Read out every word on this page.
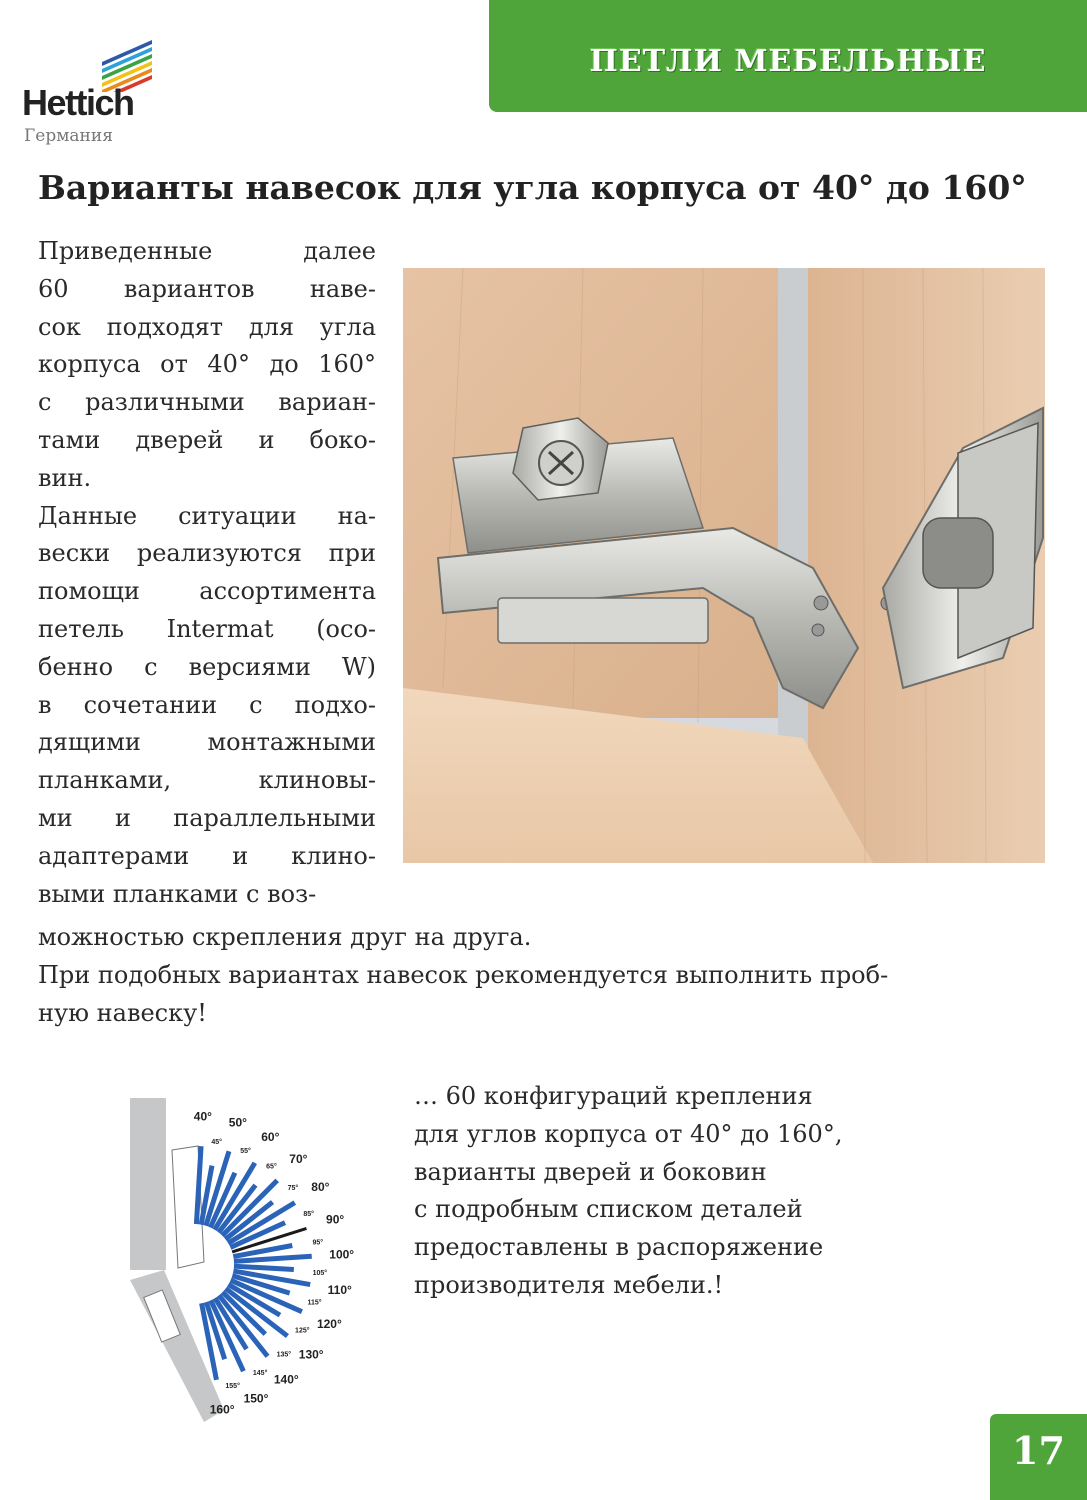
Hettich
Германия
ПЕТЛИ МЕБЕЛЬНЫЕ
Варианты навесок для угла корпуса от 40° до 160°
Приведенные далее
60 вариантов наве-
сок подходят для угла
корпуса от 40° до 160°
с различными вариан-
тами дверей и боко-
вин.
Данные ситуации на-
вески реализуются при
помощи ассортимента
петель Intermat (осо-
бенно с версиями W)
в сочетании с подхо-
дящими монтажными
планками, клиновы-
ми и параллельными
адаптерами и клино-
выми планками с воз-
можностью скрепления друг на друга.
При подобных вариантах навесок рекомендуется выполнить проб-
ную навеску!
40°
45°
50°
55°
60°
65°
70°
75° 80°
85° 90°
95°
100°
105°
110°
115°
120°
125°
130°
135°
140°
145°
150°
155°
160°
… 60 конфигураций крепления
для углов корпуса от 40° до 160°,
варианты дверей и боковин
с подробным списком деталей
предоставлены в распоряжение
производителя мебели.!
17
